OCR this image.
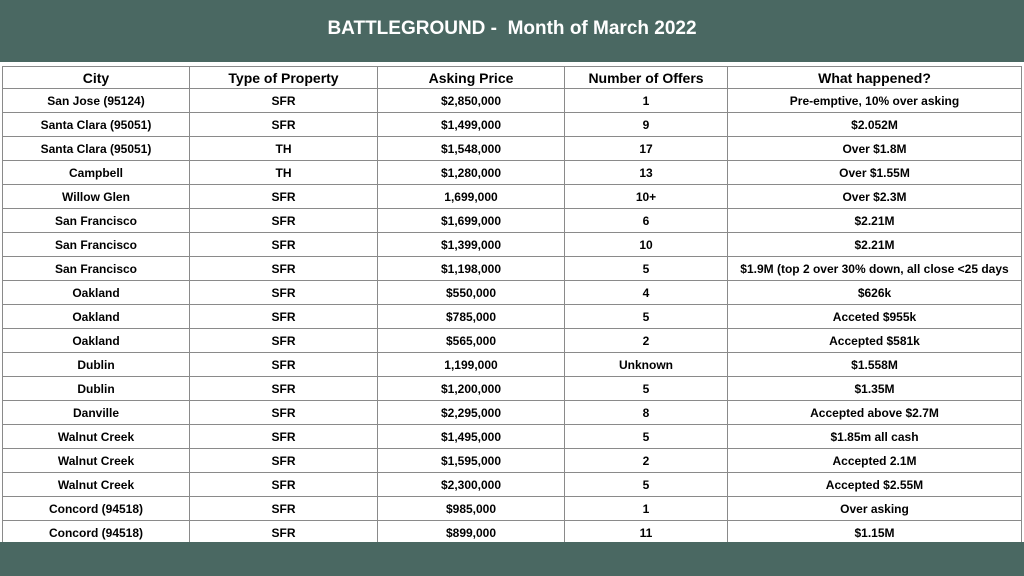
BATTLEGROUND -  Month of March 2022
City	Type of Property	Asking Price	Number of Offers	What happened?
San Jose (95124)	SFR	$2,850,000	1	Pre-emptive, 10% over asking
Santa Clara (95051)	SFR	$1,499,000	9	$2.052M
Santa Clara (95051)	TH	$1,548,000	17	Over $1.8M
Campbell	TH	$1,280,000	13	Over $1.55M
Willow Glen	SFR	1,699,000	10+	Over $2.3M
San Francisco	SFR	$1,699,000	6	$2.21M
San Francisco	SFR	$1,399,000	10	$2.21M
San Francisco	SFR	$1,198,000	5	$1.9M (top 2 over 30% down, all close <25 days
Oakland	SFR	$550,000	4	$626k
Oakland	SFR	$785,000	5	Acceted $955k
Oakland	SFR	$565,000	2	Accepted $581k
Dublin	SFR	1,199,000	Unknown	$1.558M
Dublin	SFR	$1,200,000	5	$1.35M
Danville	SFR	$2,295,000	8	Accepted above $2.7M
Walnut Creek	SFR	$1,495,000	5	$1.85m all cash
Walnut Creek	SFR	$1,595,000	2	Accepted 2.1M
Walnut Creek	SFR	$2,300,000	5	Accepted $2.55M
Concord (94518)	SFR	$985,000	1	Over asking
Concord (94518)	SFR	$899,000	11	$1.15M
